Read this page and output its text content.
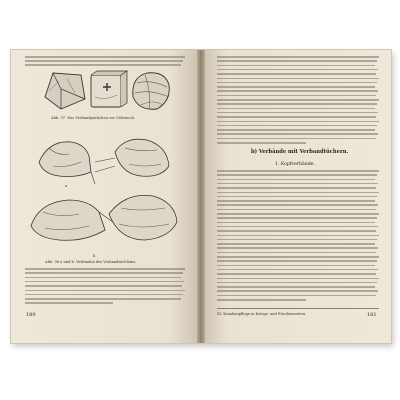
Abb. 97. Das Verbandpäckchen vor Gebrauch.
a
b
Abb. 98 a und b. Verbinden des Verbandtüchleins.
180
b) Verbände mit Verbandtüchern.
1. Kopfverbände.
XI. Krankenpflege in Kriegs- und Friedenszeiten.	181
